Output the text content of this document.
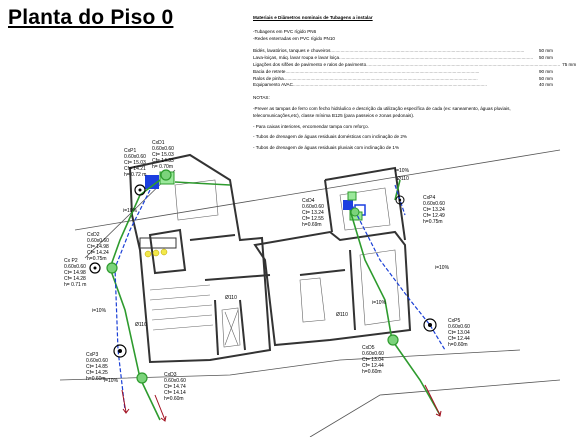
Planta do Piso 0	Materiais e Diâmetros nominais de Tubagens a instalar
-Tubagens em PVC rígido PN6
-Redes enterradas em PVC rígido PN10
Bidés, lavatórios, tanques e chuveiros ........................................................................................................................................................	50 mm
Lava-loiças, máq. lavar roupa e lavar loiça ........................................................................................................................................................	50 mm
Ligações dos sifões de pavimento e ralos de pavimento ........................................................................................................................................................ 75 mm
Bacia de retrete ........................................................................................................................................................	90 mm
Ralos de pinha ........................................................................................................................................................	50 mm
Equipamento AVAC ........................................................................................................................................................	40 mm

NOTAS:

-Prever as tampas de ferro com fecho hidráulico e descrição da utilização específica de cada (ex: saneamento, águas pluviais, telecomunicações,etc), classe mínima B125 (para passeios e zonas pedonais).

- Para caixas interiores, encomendar tampa com reforço.

- Tubos de drenagem de águas residuais domésticas com inclinação de 2%

- Tubos de drenagem de águas residuais pluviais com inclinação de 1%

CxP1
0.60x0.60
Ct= 15.03
Cf= 14.21
h= 0.72 m

CxD1
0.60x0.60
Ct= 15.03
Cf= 14.33
h= 0.70m

CxD2
0.60x0.60
Ct= 14.98
Cf= 14.24
h=0.75m

Cx P2
0.60x0.60
Ct= 14.98
Cf= 14.28
h= 0.71 m

CxP3
0.60x0.60
Ct= 14.85
Cf= 14.25
h=0.60m

CxD3
0.60x0.60
Ct= 14.74
Cf= 14.14
h=0.60m

CxD4
0.60x0.60
Ct= 13.24
Cf= 12.55
h=0.69m

CxP4
0.60x0.60
Ct= 13.24
Cf= 12.49
h=0.75m

CxD5
0.60x0.60
Ct= 13.04
Cf= 12.44
h=0.60m

CxP5
0.60x0.60
Ct= 13.04
Cf= 12.44
h=0.60m

i=10%
i=10%
i=10%
i=10%
i=10%
i=10%
Ø110
Ø110
Ø110
Ø110
